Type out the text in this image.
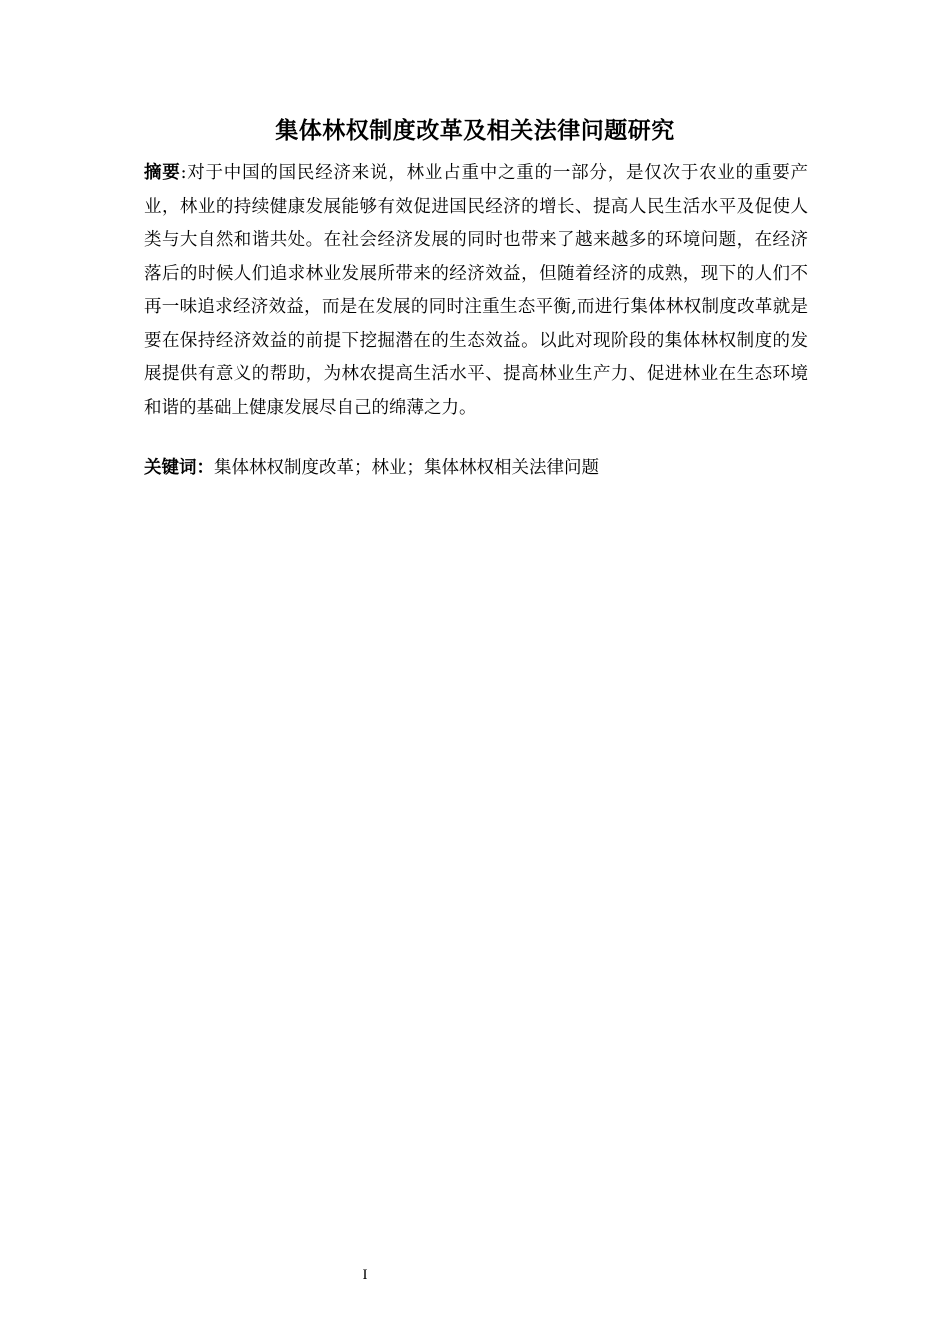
集体林权制度改革及相关法律问题研究

摘要:对于中国的国民经济来说，林业占重中之重的一部分，是仅次于农业的重要产业，林业的持续健康发展能够有效促进国民经济的增长、提高人民生活水平及促使人类与大自然和谐共处。在社会经济发展的同时也带来了越来越多的环境问题，在经济落后的时候人们追求林业发展所带来的经济效益，但随着经济的成熟，现下的人们不再一味追求经济效益，而是在发展的同时注重生态平衡,而进行集体林权制度改革就是要在保持经济效益的前提下挖掘潜在的生态效益。以此对现阶段的集体林权制度的发展提供有意义的帮助，为林农提高生活水平、提高林业生产力、促进林业在生态环境和谐的基础上健康发展尽自己的绵薄之力。

关键词：集体林权制度改革；林业；集体林权相关法律问题

I
